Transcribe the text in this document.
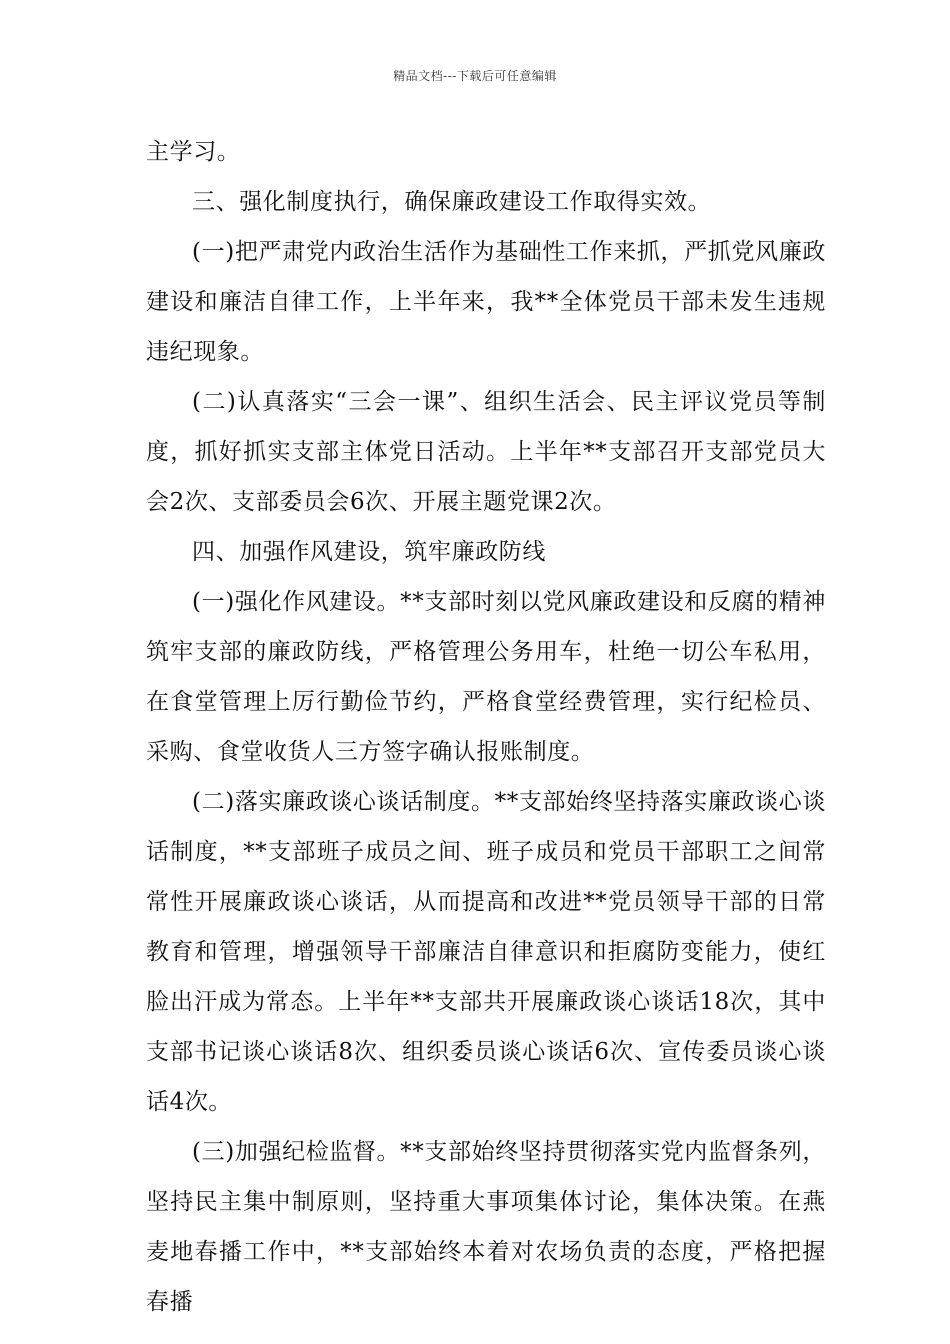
精品文档---下载后可任意编辑

主学习。

三、强化制度执行，确保廉政建设工作取得实效。

(一)把严肃党内政治生活作为基础性工作来抓，严抓党风廉政建设和廉洁自律工作，上半年来，我**全体党员干部未发生违规违纪现象。

(二)认真落实“三会一课”、组织生活会、民主评议党员等制度，抓好抓实支部主体党日活动。上半年**支部召开支部党员大会2次、支部委员会6次、开展主题党课2次。

四、加强作风建设，筑牢廉政防线

(一)强化作风建设。**支部时刻以党风廉政建设和反腐的精神筑牢支部的廉政防线，严格管理公务用车，杜绝一切公车私用，在食堂管理上厉行勤俭节约，严格食堂经费管理，实行纪检员、采购、食堂收货人三方签字确认报账制度。

(二)落实廉政谈心谈话制度。**支部始终坚持落实廉政谈心谈话制度，**支部班子成员之间、班子成员和党员干部职工之间常常性开展廉政谈心谈话，从而提高和改进**党员领导干部的日常教育和管理，增强领导干部廉洁自律意识和拒腐防变能力，使红脸出汗成为常态。上半年**支部共开展廉政谈心谈话18次，其中支部书记谈心谈话8次、组织委员谈心谈话6次、宣传委员谈心谈话4次。

(三)加强纪检监督。**支部始终坚持贯彻落实党内监督条列，坚持民主集中制原则，坚持重大事项集体讨论，集体决策。在燕麦地春播工作中，**支部始终本着对农场负责的态度，严格把握春播
